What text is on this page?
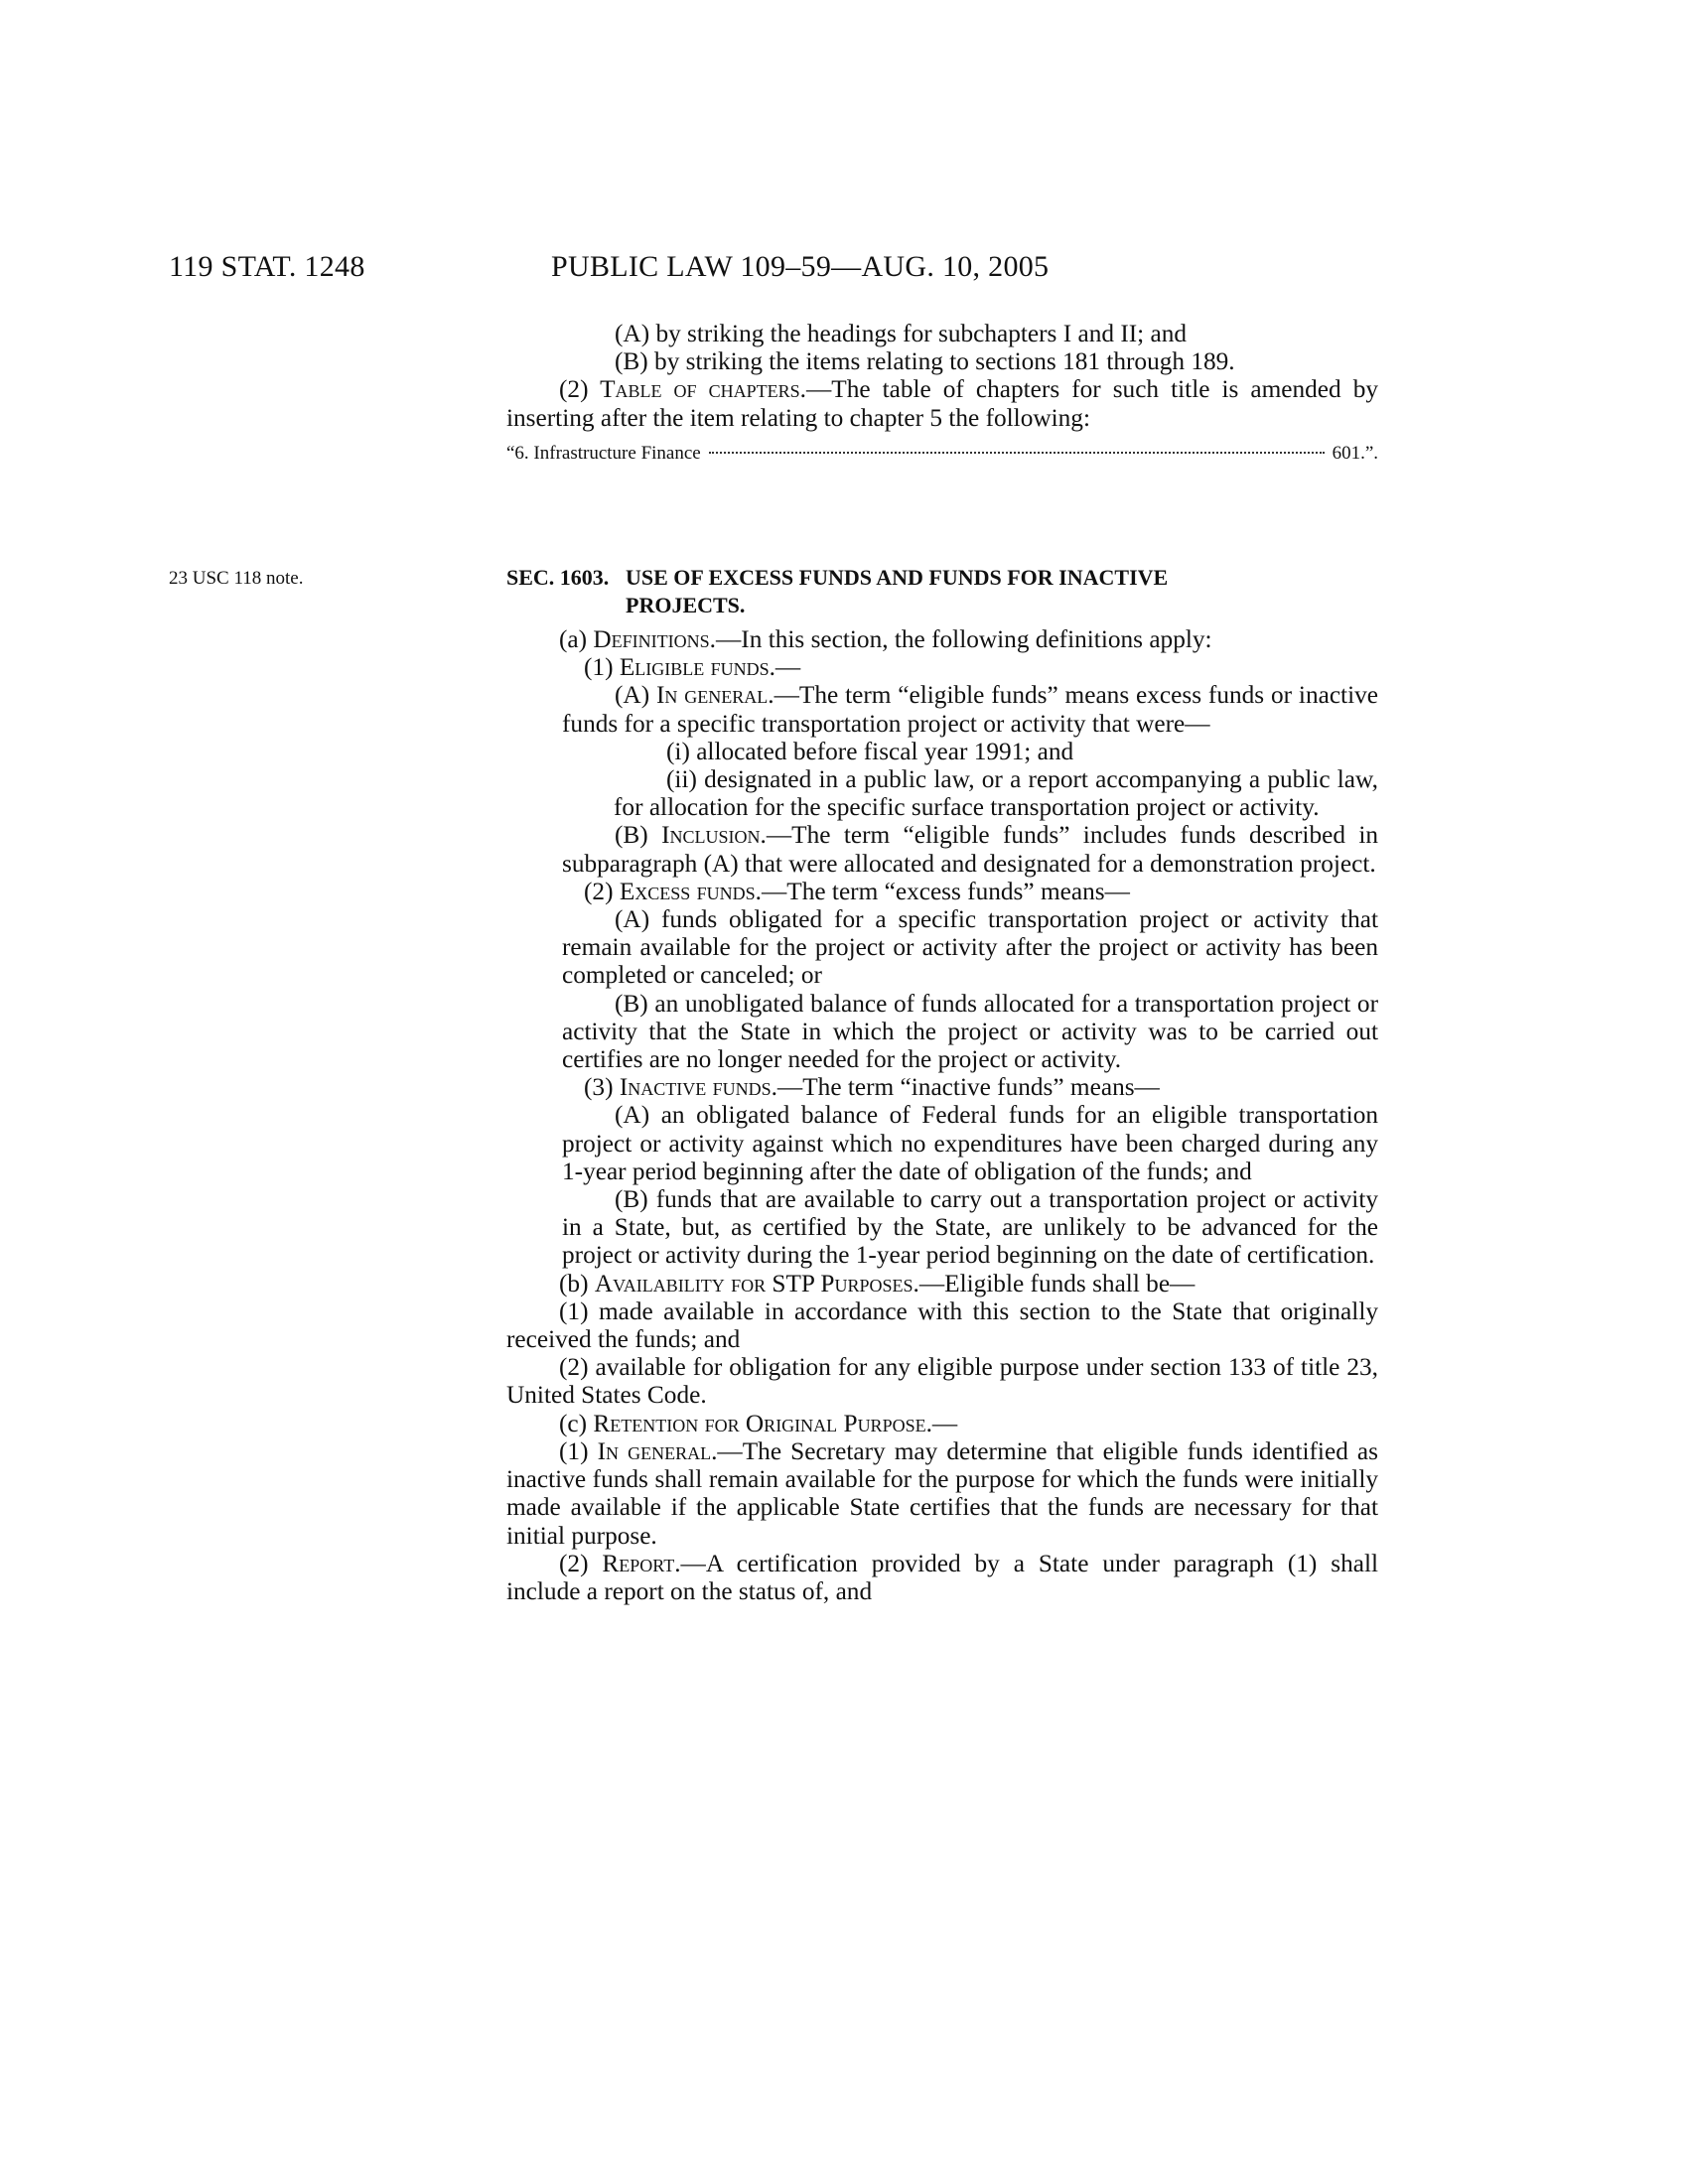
119 STAT. 1248	PUBLIC LAW 109–59—AUG. 10, 2005

(A) by striking the headings for subchapters I and II; and

(B) by striking the items relating to sections 181 through 189.

(2) Table of chapters.—The table of chapters for such title is amended by inserting after the item relating to chapter 5 the following:

“6. Infrastructure Finance	601.”.
23 USC 118 note.	SEC. 1603. USE OF EXCESS FUNDS AND FUNDS FOR INACTIVE
PROJECTS.

(a) Definitions.—In this section, the following definitions apply:

(1) Eligible funds.—

(A) In general.—The term “eligible funds” means excess funds or inactive funds for a specific transportation project or activity that were—

(i) allocated before fiscal year 1991; and

(ii) designated in a public law, or a report accompanying a public law, for allocation for the specific surface transportation project or activity.

(B) Inclusion.—The term “eligible funds” includes funds described in subparagraph (A) that were allocated and designated for a demonstration project.

(2) Excess funds.—The term “excess funds” means—

(A) funds obligated for a specific transportation project or activity that remain available for the project or activity after the project or activity has been completed or canceled; or

(B) an unobligated balance of funds allocated for a transportation project or activity that the State in which the project or activity was to be carried out certifies are no longer needed for the project or activity.

(3) Inactive funds.—The term “inactive funds” means—

(A) an obligated balance of Federal funds for an eligible transportation project or activity against which no expenditures have been charged during any 1-year period beginning after the date of obligation of the funds; and

(B) funds that are available to carry out a transportation project or activity in a State, but, as certified by the State, are unlikely to be advanced for the project or activity during the 1-year period beginning on the date of certification.

(b) Availability for STP Purposes.—Eligible funds shall be—

(1) made available in accordance with this section to the State that originally received the funds; and

(2) available for obligation for any eligible purpose under section 133 of title 23, United States Code.

(c) Retention for Original Purpose.—

(1) In general.—The Secretary may determine that eligible funds identified as inactive funds shall remain available for the purpose for which the funds were initially made available if the applicable State certifies that the funds are necessary for that initial purpose.

(2) Report.—A certification provided by a State under paragraph (1) shall include a report on the status of, and
